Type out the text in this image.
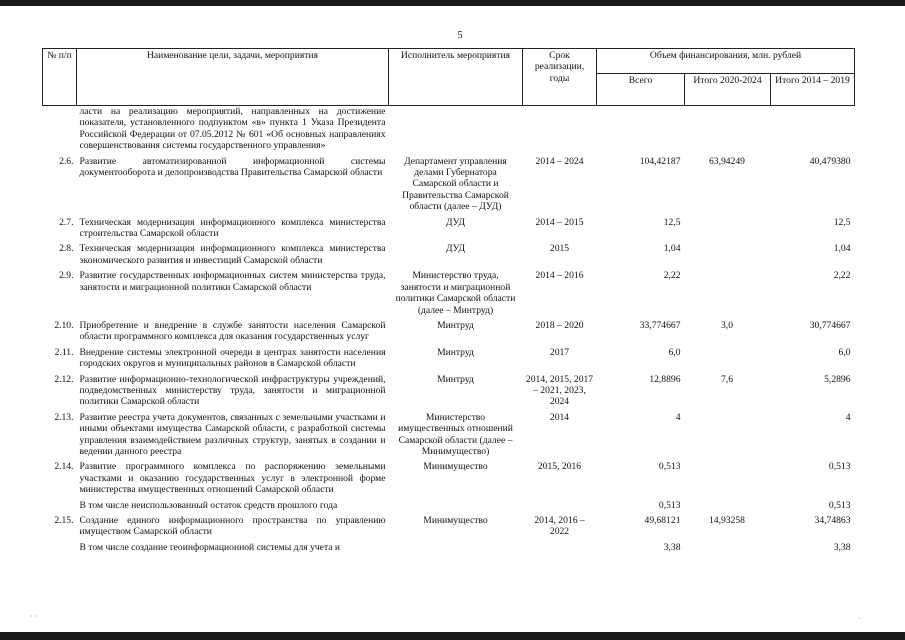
5
№ п/п	Наименование цели, задачи, мероприятия	Исполнитель мероприятия	Срок реализации, годы	Объем финансирования, млн. рублей		
				Всего	Итого 2020-2024	Итого 2014 – 2019
	ласти на реализацию мероприятий, направленных на достижение показателя, установленного подпунктом «в» пункта 1 Указа Президента Российской Федерации от 07.05.2012 № 601 «Об основных направлениях совершенствования системы государственного управления»					
2.6.	Развитие автоматизированной информационной системы документооборота и делопроизводства Правительства Самарской области	Департамент управления делами Губернатора Самарской области и Правительства Самарской области (далее – ДУД)	2014 – 2024	104,42187	63,94249	40,479380
2.7.	Техническая модернизация информационного комплекса министерства строительства Самарской области	ДУД	2014 – 2015	12,5		12,5
2.8.	Техническая модернизация информационного комплекса министерства экономического развития и инвестиций Самарской области	ДУД	2015	1,04		1,04
2.9.	Развитие государственных информационных систем министерства труда, занятости и миграционной политики Самарской области	Министерство труда, занятости и миграционной политики Самарской области (далее – Минтруд)	2014 – 2016	2,22		2,22
2.10.	Приобретение и внедрение в службе занятости населения Самарской области программного комплекса для оказания государственных услуг	Минтруд	2018 – 2020	33,774667	3,0	30,774667
2.11.	Внедрение системы электронной очереди в центрах занятости населения городских округов и муниципальных районов в Самарской области	Минтруд	2017	6,0		6,0
2.12.	Развитие информационно-технологической инфраструктуры учреждений, подведомственных министерству труда, занятости и миграционной политики Самарской области	Минтруд	2014, 2015, 2017 – 2021, 2023, 2024	12,8896	7,6	5,2896
2.13.	Развитие реестра учета документов, связанных с земельными участками и иными объектами имущества Самарской области, с разработкой системы управления взаимодействием различных структур, занятых в создании и ведении данного реестра	Министерство имущественных отношений Самарской области (далее – Минимущество)	2014	4		4
2.14.	Развитие программного комплекса по распоряжению земельными участками и оказанию государственных услуг в электронной форме министерства имущественных отношений Самарской области	Минимущество	2015, 2016	0,513		0,513
	В том числе неиспользованный остаток средств прошлого года			0,513		0,513
2.15.	Создание единого информационного пространства по управлению имуществом Самарской области	Минимущество	2014, 2016 – 2022	49,68121	14,93258	34,74863
	В том числе создание геоинформационной системы для учета и			3,38		3,38
· ·	·
